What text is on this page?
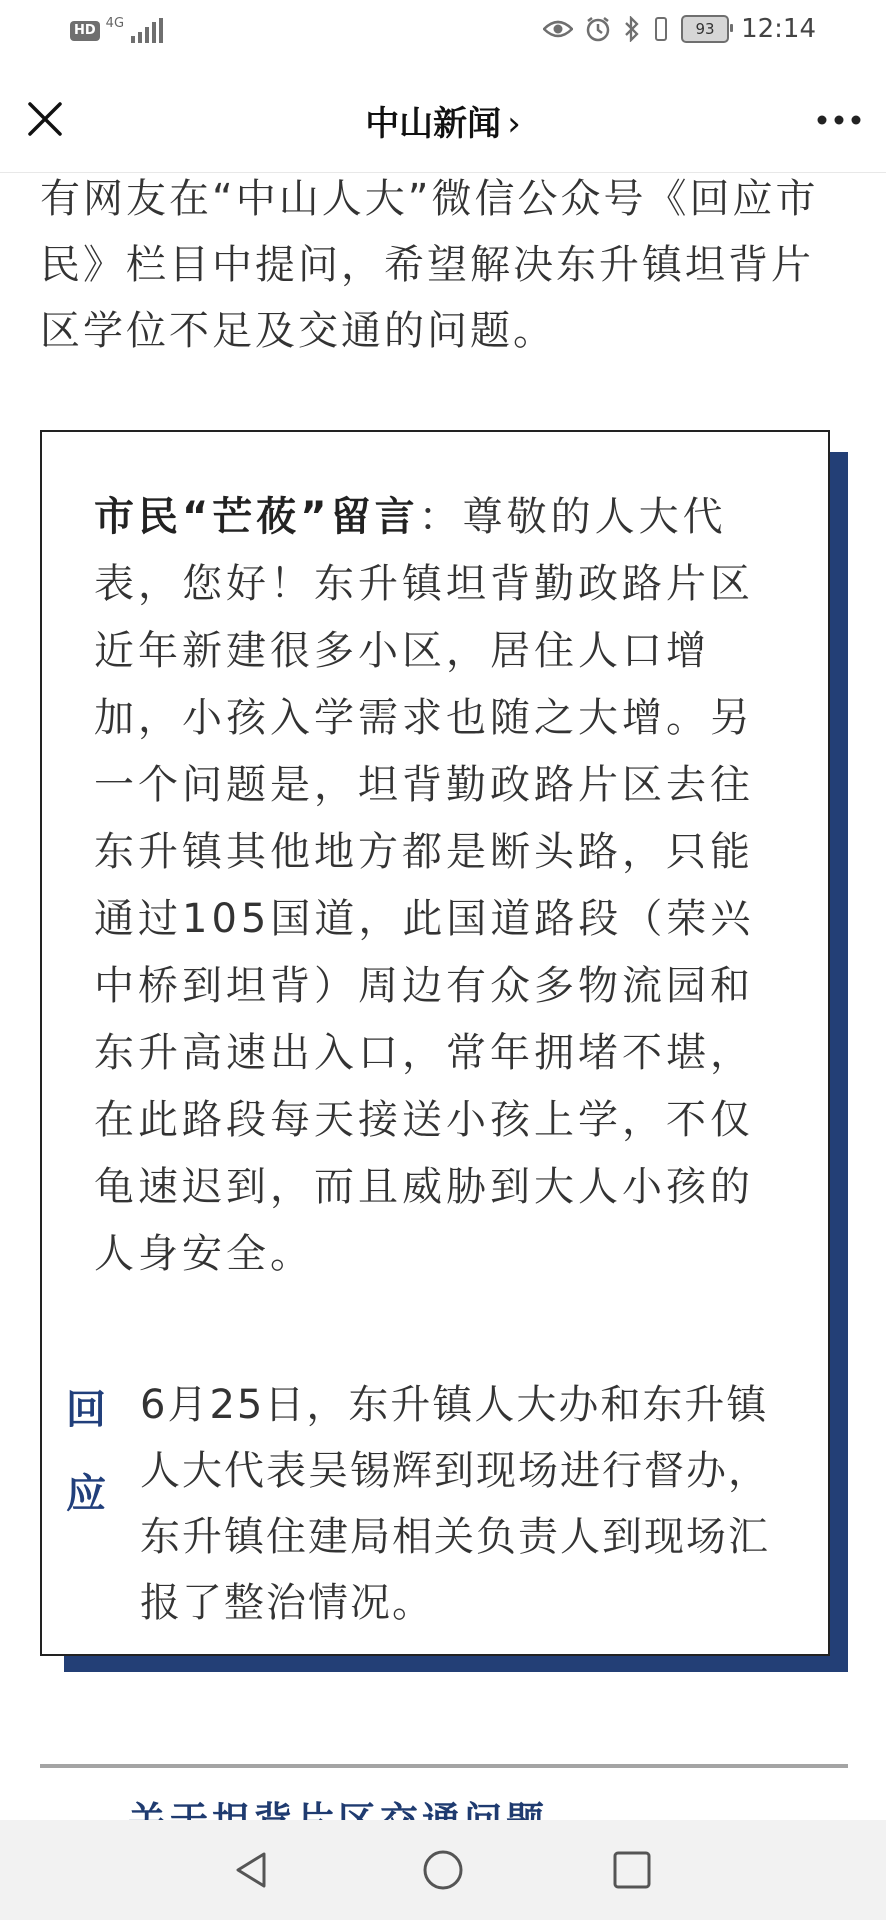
HD 4G	93	12:14
中山新闻 ›
有网友在“中山人大”微信公众号《回应市民》栏目中提问，希望解决东升镇坦背片区学位不足及交通的问题。
市民“芒莜”留言：尊敬的人大代表，您好！东升镇坦背勤政路片区近年新建很多小区，居住人口增加，小孩入学需求也随之大增。另一个问题是，坦背勤政路片区去往东升镇其他地方都是断头路，只能通过105国道，此国道路段（荣兴中桥到坦背）周边有众多物流园和东升高速出入口，常年拥堵不堪，在此路段每天接送小孩上学，不仅龟速迟到，而且威胁到大人小孩的人身安全。
回
应
6月25日，东升镇人大办和东升镇人大代表吴锡辉到现场进行督办，东升镇住建局相关负责人到现场汇报了整治情况。
